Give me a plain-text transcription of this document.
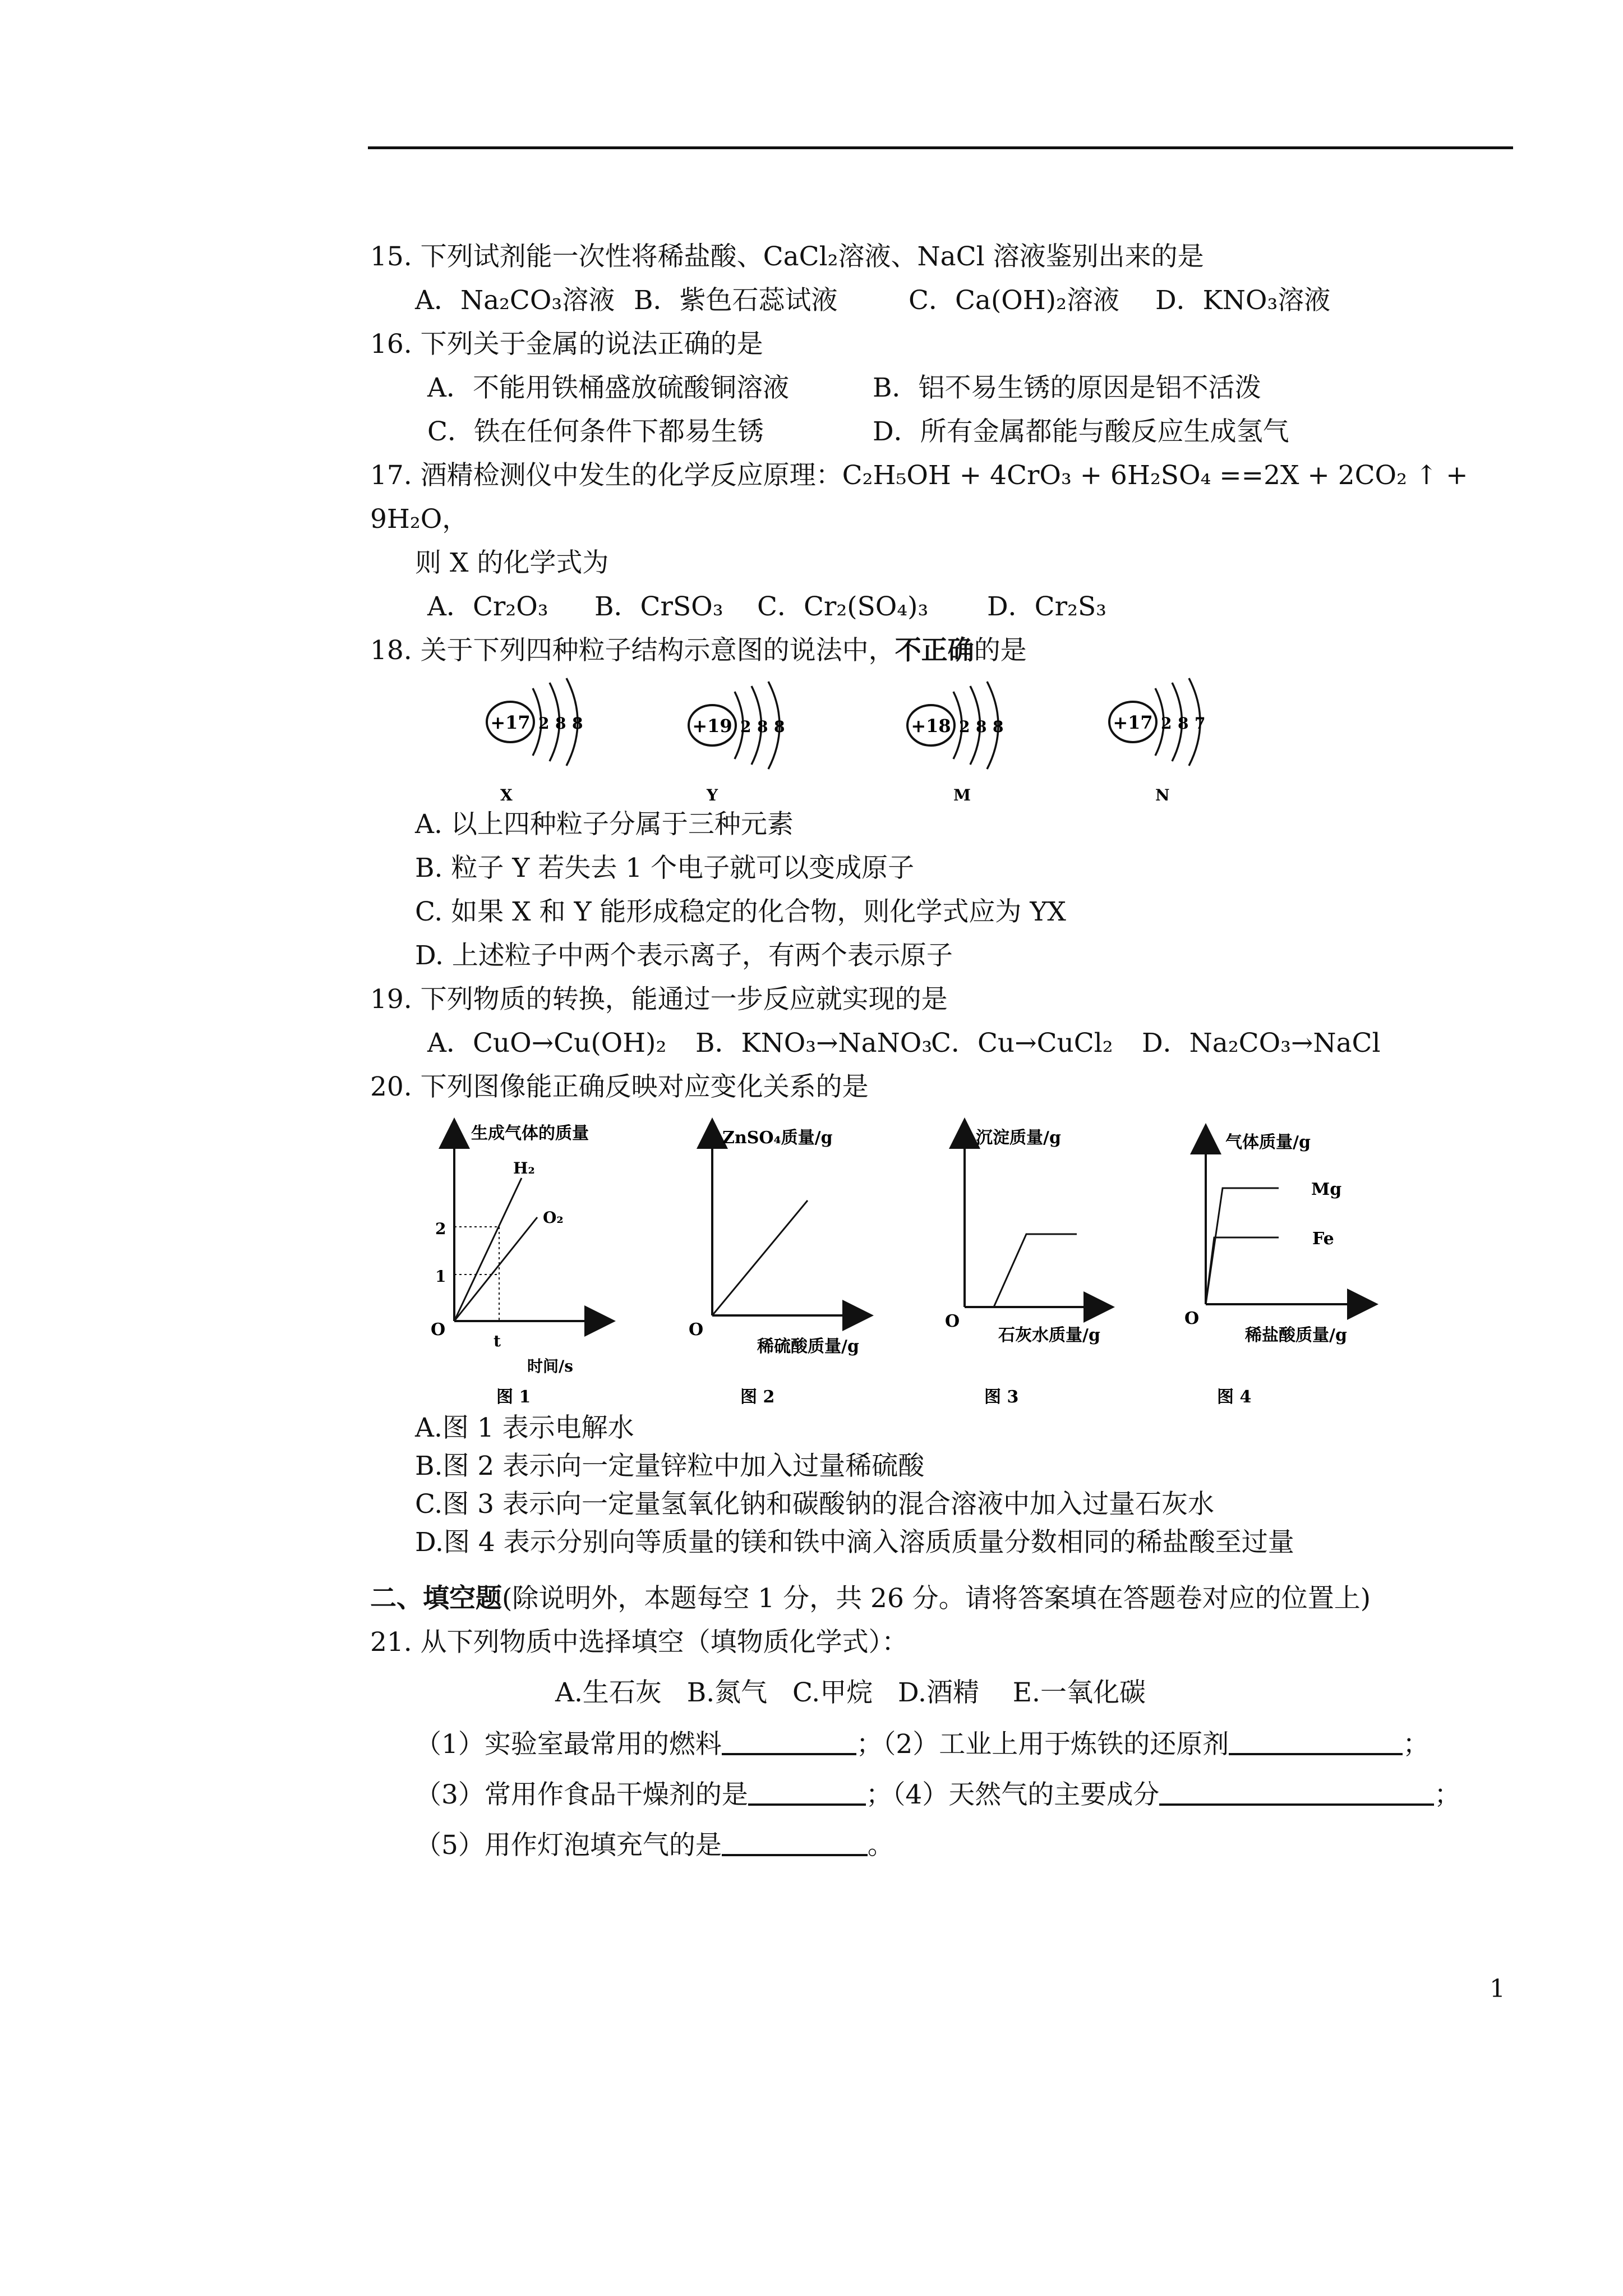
15. 下列试剂能一次性将稀盐酸、CaCl₂溶液、NaCl 溶液鉴别出来的是
A．Na₂CO₃溶液 B．紫色石蕊试液	C．Ca(OH)₂溶液 D．KNO₃溶液
16. 下列关于金属的说法正确的是
A．不能用铁桶盛放硫酸铜溶液	B．铝不易生锈的原因是铝不活泼
C．铁在任何条件下都易生锈	D．所有金属都能与酸反应生成氢气
17. 酒精检测仪中发生的化学反应原理：C₂H₅OH + 4CrO₃ + 6H₂SO₄ ==2X + 2CO₂ ↑ +
9H₂O，
则 X 的化学式为
A．Cr₂O₃ B．CrSO₃ C．Cr₂(SO₄)₃ D．Cr₂S₃
18. 关于下列四种粒子结构示意图的说法中，不正确的是
+17 2 8 8
X
+19 2 8 8
Y
+18 2 8 8
M
+17 2 8 7
N
A. 以上四种粒子分属于三种元素
B. 粒子 Y 若失去 1 个电子就可以变成原子
C. 如果 X 和 Y 能形成稳定的化合物，则化学式应为 YX
D. 上述粒子中两个表示离子，有两个表示原子
19. 下列物质的转换，能通过一步反应就实现的是
A．CuO→Cu(OH)₂ B．KNO₃→NaNO₃
C．Cu→CuCl₂ D．Na₂CO₃→NaCl
20. 下列图像能正确反映对应变化关系的是
生成气体的质量
时间/s
O
H₂
O₂
2
1
t
图 1
ZnSO₄质量/g
稀硫酸质量/g
O
图 2
沉淀质量/g
石灰水质量/g
O
图 3
气体质量/g
稀盐酸质量/g
O
Mg
Fe
图 4
A.图 1 表示电解水
B.图 2 表示向一定量锌粒中加入过量稀硫酸
C.图 3 表示向一定量氢氧化钠和碳酸钠的混合溶液中加入过量石灰水
D.图 4 表示分别向等质量的镁和铁中滴入溶质质量分数相同的稀盐酸至过量
二、填空题(除说明外，本题每空 1 分，共 26 分。请将答案填在答题卷对应的位置上)
21. 从下列物质中选择填空（填物质化学式）：
A.生石灰   B.氮气   C.甲烷   D.酒精    E.一氧化碳
（1）实验室最常用的燃料	；（2）工业上用于炼铁的还原剂	；
（3）常用作食品干燥剂的是	；（4）天然气的主要成分	；
（5）用作灯泡填充气的是	。
1
